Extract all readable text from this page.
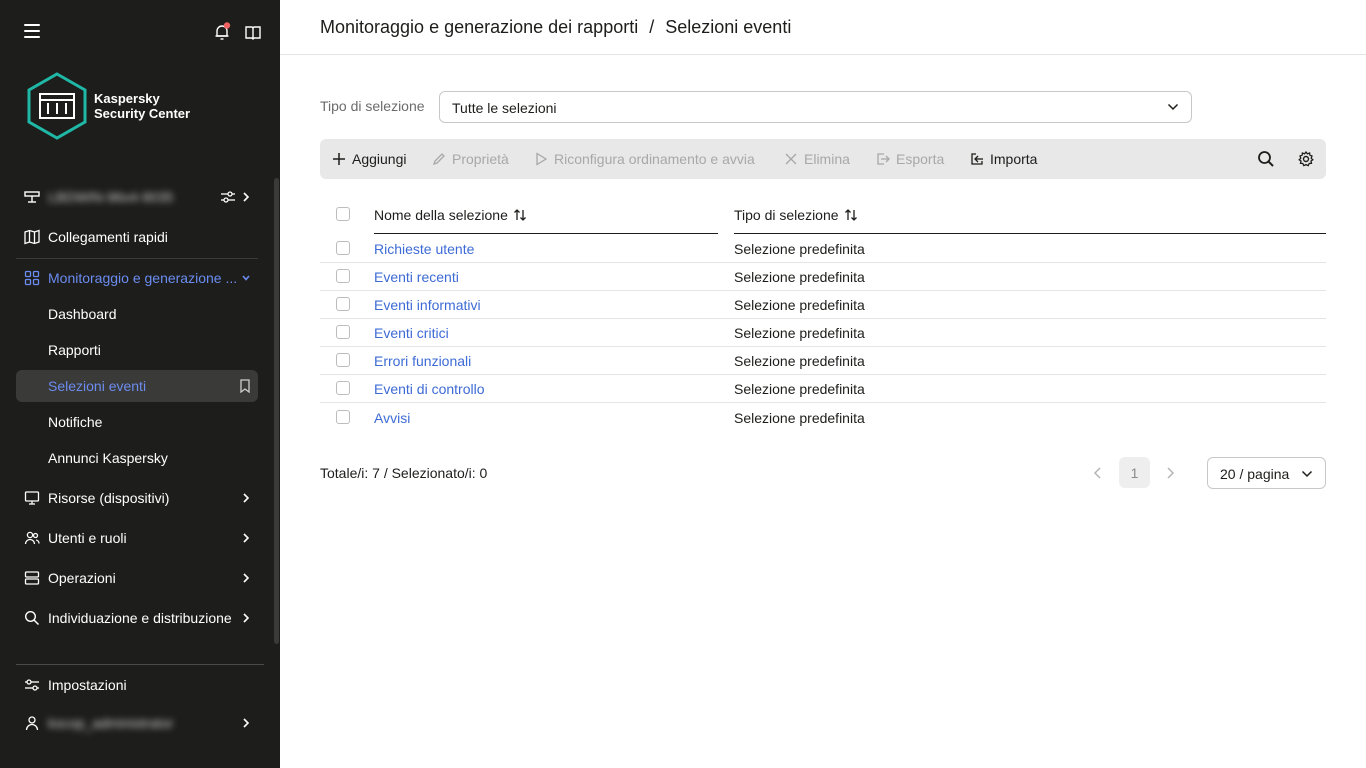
Kaspersky
Security Center
LBDWIN-96x4-9035
Collegamenti rapidi
Monitoraggio e generazione ...
Dashboard
Rapporti
Selezioni eventi
Notifiche
Annunci Kaspersky
Risorse (dispositivi)
Utenti e ruoli
Operazioni
Individuazione e distribuzione
Impostazioni
kscop_administrator
Monitoraggio e generazione dei rapporti / Selezioni eventi
Tipo di selezione	Tutte le selezioni
Aggiungi	Proprietà	Riconfigura ordinamento e avvia	Elimina	Esporta	Importa
Nome della selezione	Tipo di selezione
Richieste utente	Selezione predefinita
Eventi recenti	Selezione predefinita
Eventi informativi	Selezione predefinita
Eventi critici	Selezione predefinita
Errori funzionali	Selezione predefinita
Eventi di controllo	Selezione predefinita
Avvisi	Selezione predefinita
Totale/i: 7 / Selezionato/i: 0	1	20 / pagina
